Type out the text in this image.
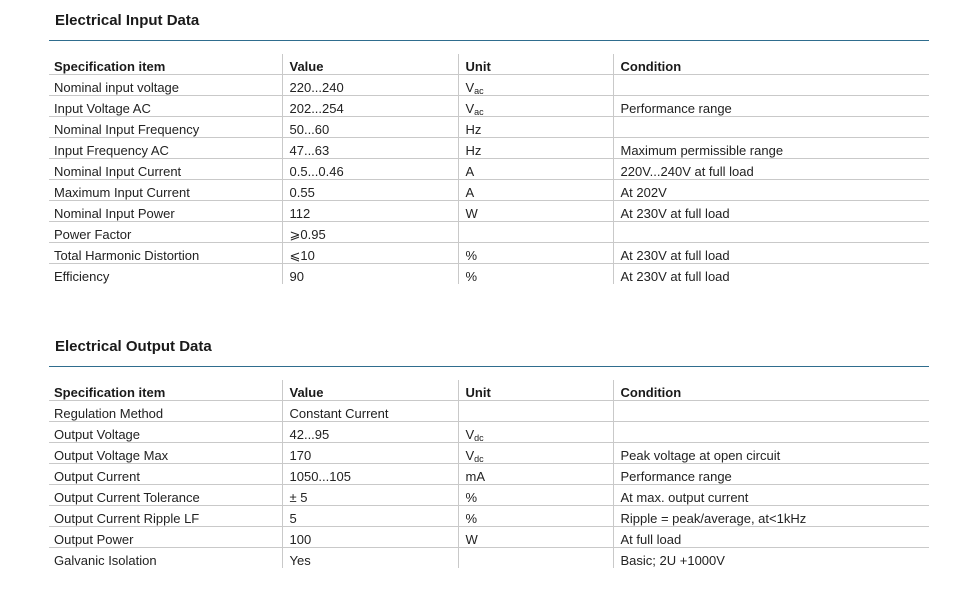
Electrical Input Data
Specification item	Value	Unit	Condition
Nominal input voltage	220...240	$V_{ac}$	
Input Voltage AC	202...254	$V_{ac}$	Performance range
Nominal Input Frequency	50...60	Hz	
Input Frequency AC	47...63	Hz	Maximum permissible range
Nominal Input Current	0.5...0.46	A	220V...240V at full load
Maximum Input Current	0.55	A	At 202V
Nominal Input Power	112	W	At 230V at full load
Power Factor	⩾0.95		
Total Harmonic Distortion	⩽10	%	At 230V at full load
Efficiency	90	%	At 230V at full load
Electrical Output Data
Specification item	Value	Unit	Condition
Regulation Method	Constant Current		
Output Voltage	42...95	$V_{dc}$	
Output Voltage Max	170	$V_{dc}$	Peak voltage at open circuit
Output Current	1050...105	mA	Performance range
Output Current Tolerance	± 5	%	At max. output current
Output Current Ripple LF	5	%	Ripple = peak/average, at<1kHz
Output Power	100	W	At full load
Galvanic Isolation	Yes		Basic; 2U +1000V
